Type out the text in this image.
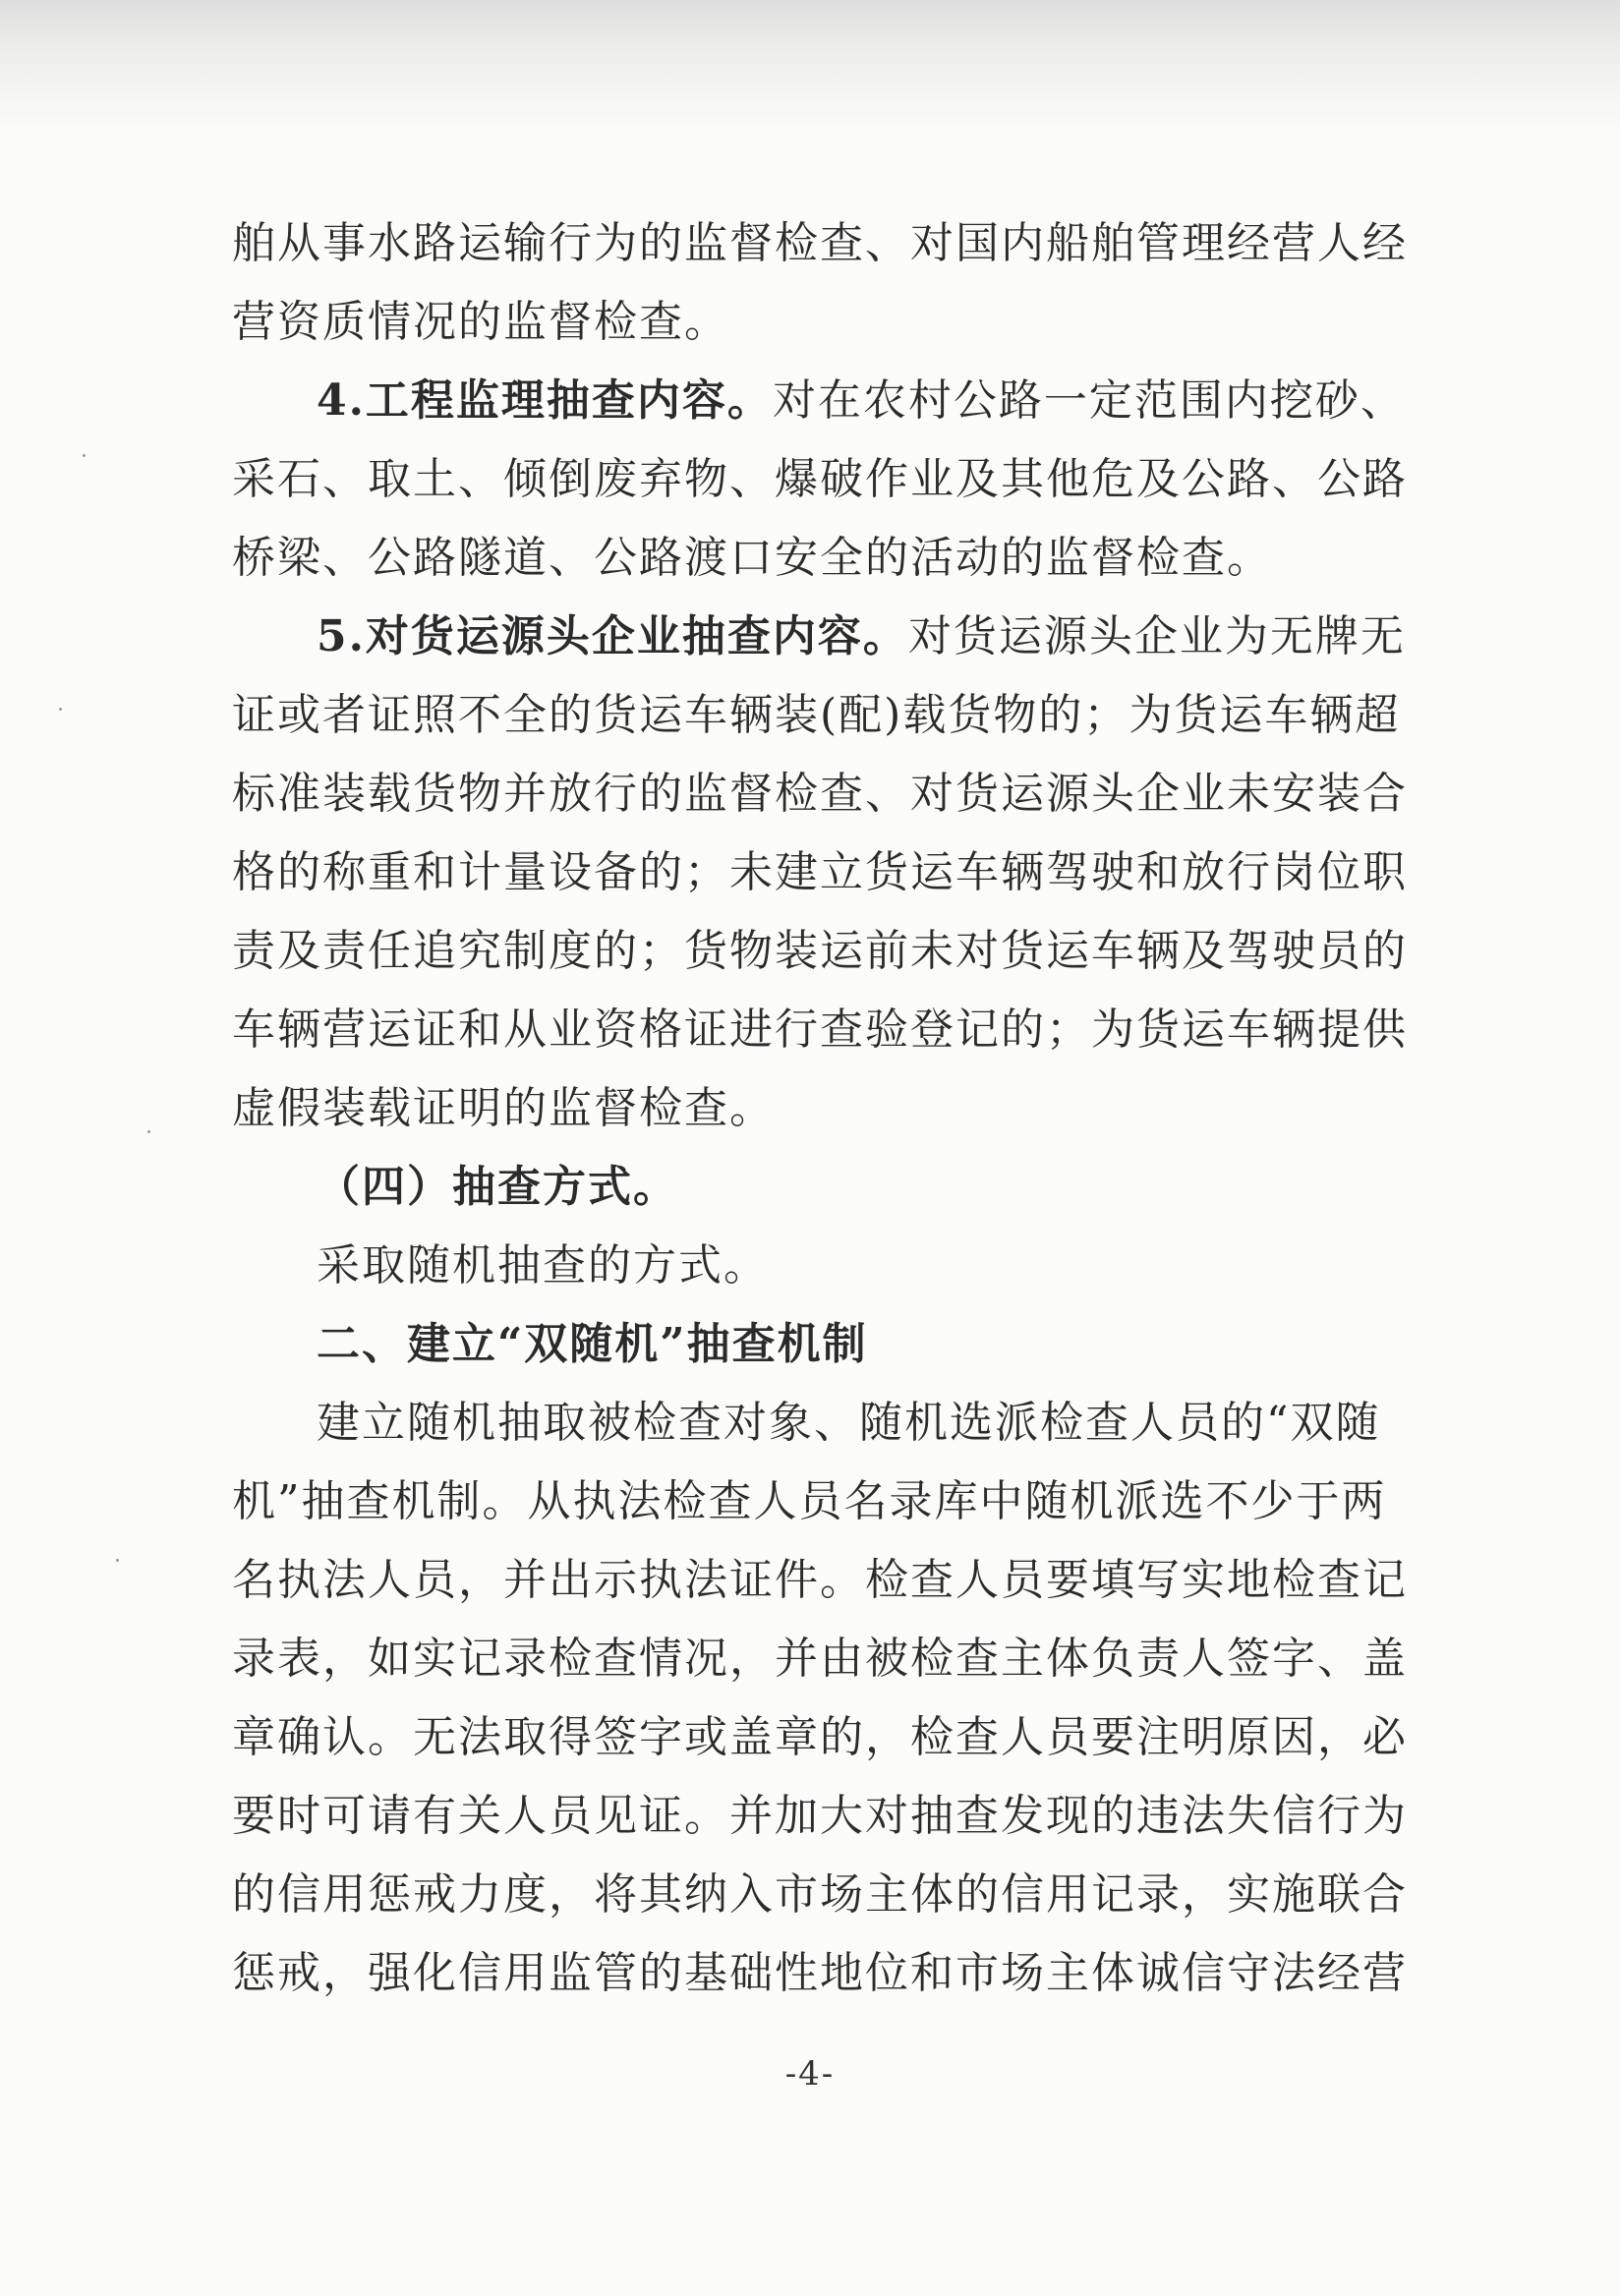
舶从事水路运输行为的监督检查、对国内船舶管理经营人经
营资质情况的监督检查。
4.工程监理抽查内容。对在农村公路一定范围内挖砂、
采石、取土、倾倒废弃物、爆破作业及其他危及公路、公路
桥梁、公路隧道、公路渡口安全的活动的监督检查。
5.对货运源头企业抽查内容。对货运源头企业为无牌无
证或者证照不全的货运车辆装(配)载货物的；为货运车辆超
标准装载货物并放行的监督检查、对货运源头企业未安装合
格的称重和计量设备的；未建立货运车辆驾驶和放行岗位职
责及责任追究制度的；货物装运前未对货运车辆及驾驶员的
车辆营运证和从业资格证进行查验登记的；为货运车辆提供
虚假装载证明的监督检查。
（四）抽查方式。
采取随机抽查的方式。
二、建立“双随机”抽查机制
建立随机抽取被检查对象、随机选派检查人员的“双随
机”抽查机制。从执法检查人员名录库中随机派选不少于两
名执法人员，并出示执法证件。检查人员要填写实地检查记
录表，如实记录检查情况，并由被检查主体负责人签字、盖
章确认。无法取得签字或盖章的，检查人员要注明原因，必
要时可请有关人员见证。并加大对抽查发现的违法失信行为
的信用惩戒力度，将其纳入市场主体的信用记录，实施联合
惩戒，强化信用监管的基础性地位和市场主体诚信守法经营
-4-
